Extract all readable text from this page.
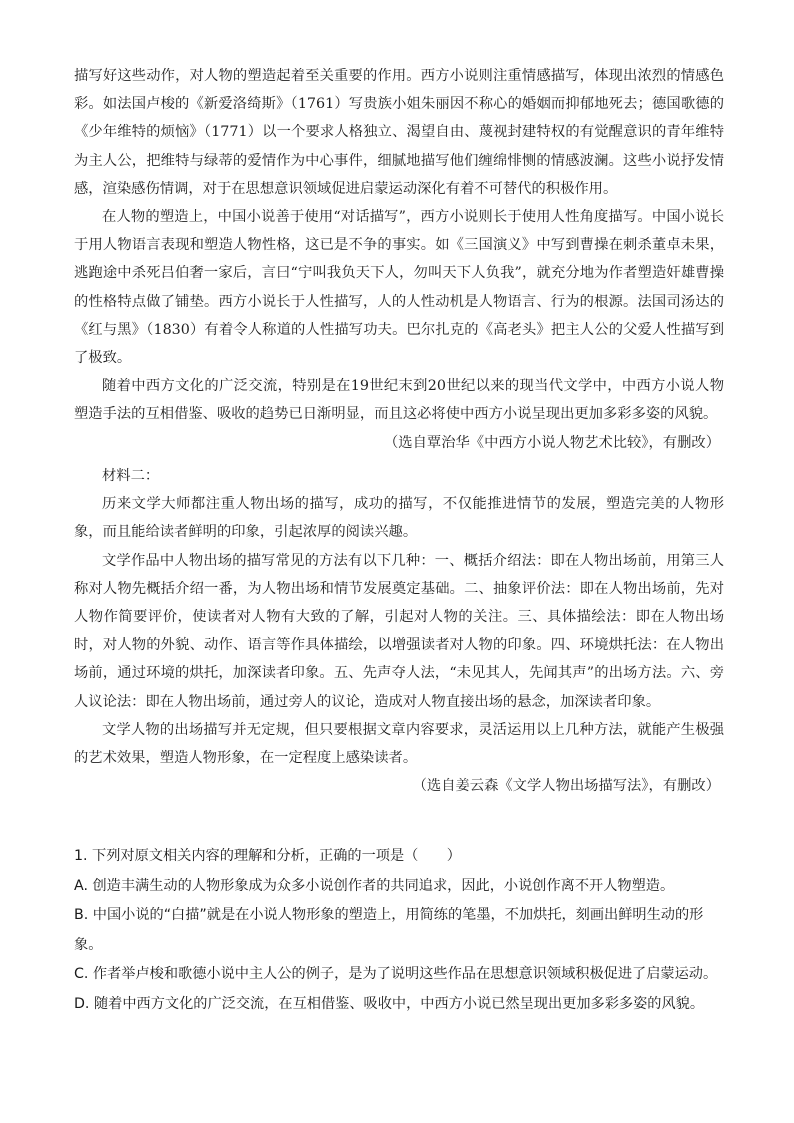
描写好这些动作，对人物的塑造起着至关重要的作用。西方小说则注重情感描写，体现出浓烈的情感色彩。如法国卢梭的《新爱洛绮斯》（1761）写贵族小姐朱丽因不称心的婚姻而抑郁地死去；德国歌德的《少年维特的烦恼》（1771）以一个要求人格独立、渴望自由、蔑视封建特权的有觉醒意识的青年维特为主人公，把维特与绿蒂的爱情作为中心事件，细腻地描写他们缠绵悱恻的情感波澜。这些小说抒发情感，渲染感伤情调，对于在思想意识领域促进启蒙运动深化有着不可替代的积极作用。

在人物的塑造上，中国小说善于使用“对话描写”，西方小说则长于使用人性角度描写。中国小说长于用人物语言表现和塑造人物性格，这已是不争的事实。如《三国演义》中写到曹操在刺杀董卓未果，逃跑途中杀死吕伯奢一家后，言曰“宁叫我负天下人，勿叫天下人负我”，就充分地为作者塑造奸雄曹操的性格特点做了铺垫。西方小说长于人性描写，人的人性动机是人物语言、行为的根源。法国司汤达的《红与黑》（1830）有着令人称道的人性描写功夫。巴尔扎克的《高老头》把主人公的父爱人性描写到了极致。

随着中西方文化的广泛交流，特别是在19世纪末到20世纪以来的现当代文学中，中西方小说人物塑造手法的互相借鉴、吸收的趋势已日渐明显，而且这必将使中西方小说呈现出更加多彩多姿的风貌。

（选自覃治华《中西方小说人物艺术比较》，有删改）

材料二：

历来文学大师都注重人物出场的描写，成功的描写，不仅能推进情节的发展，塑造完美的人物形象，而且能给读者鲜明的印象，引起浓厚的阅读兴趣。

文学作品中人物出场的描写常见的方法有以下几种：一、概括介绍法：即在人物出场前，用第三人称对人物先概括介绍一番，为人物出场和情节发展奠定基础。二、抽象评价法：即在人物出场前，先对人物作简要评价，使读者对人物有大致的了解，引起对人物的关注。三、具体描绘法：即在人物出场时，对人物的外貌、动作、语言等作具体描绘，以增强读者对人物的印象。四、环境烘托法：在人物出场前，通过环境的烘托，加深读者印象。五、先声夺人法，“未见其人，先闻其声”的出场方法。六、旁人议论法：即在人物出场前，通过旁人的议论，造成对人物直接出场的悬念，加深读者印象。

文学人物的出场描写并无定规，但只要根据文章内容要求，灵活运用以上几种方法，就能产生极强的艺术效果，塑造人物形象，在一定程度上感染读者。

（选自姜云森《文学人物出场描写法》，有删改）

1. 下列对原文相关内容的理解和分析，正确的一项是（　　）

A. 创造丰满生动的人物形象成为众多小说创作者的共同追求，因此，小说创作离不开人物塑造。

B. 中国小说的“白描”就是在小说人物形象的塑造上，用简练的笔墨，不加烘托，刻画出鲜明生动的形象。

C. 作者举卢梭和歌德小说中主人公的例子，是为了说明这些作品在思想意识领域积极促进了启蒙运动。

D. 随着中西方文化的广泛交流，在互相借鉴、吸收中，中西方小说已然呈现出更加多彩多姿的风貌。
